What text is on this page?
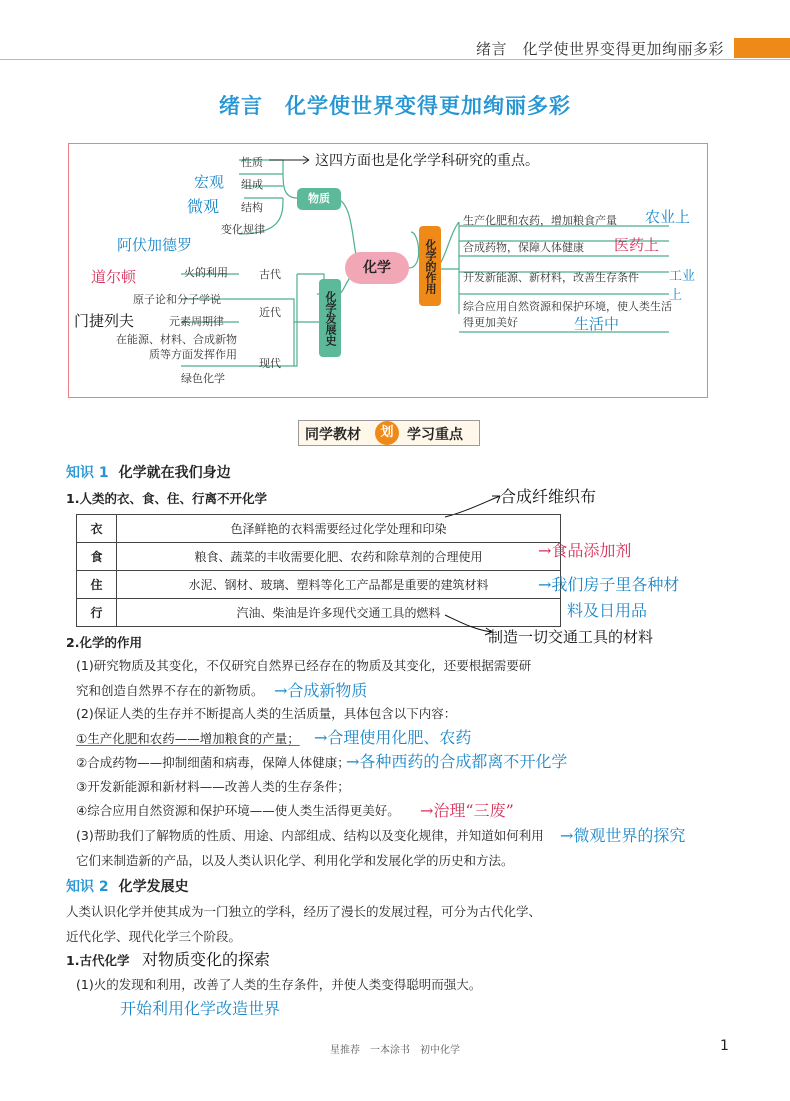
绪言　化学使世界变得更加绚丽多彩
绪言　化学使世界变得更加绚丽多彩
性质	这四方面也是化学学科研究的重点。
组成
宏观
结构
微观
变化规律
物质
化学
阿伏加德罗
火的利用	古代
道尔顿
原子论和分子学说
近代
门捷列夫	元素周期律
在能源、材料、合成新物质等方面发挥作用
现代
绿色化学
化学发展史
化学的作用
生产化肥和农药，增加粮食产量 农业上
合成药物，保障人体健康 医药上
开发新能源、新材料，改善生存条件 工业上
综合应用自然资源和保护环境，使人类生活得更加美好	生活中
同学教材	划 学习重点
知识 1 化学就在我们身边
1.人类的衣、食、住、行离不开化学	合成纤维织布
衣	色泽鲜艳的衣料需要经过化学处理和印染
食	粮食、蔬菜的丰收需要化肥、农药和除草剂的合理使用
住	水泥、钢材、玻璃、塑料等化工产品都是重要的建筑材料
行	汽油、柴油是许多现代交通工具的燃料
→食品添加剂
→我们房子里各种材
料及日用品
制造一切交通工具的材料
2.化学的作用
(1)研究物质及其变化，不仅研究自然界已经存在的物质及其变化，还要根据需要研
究和创造自然界不存在的新物质。 →合成新物质
(2)保证人类的生存并不断提高人类的生活质量，具体包含以下内容：
①生产化肥和农药——增加粮食的产量； →合理使用化肥、农药
②合成药物——抑制细菌和病毒，保障人体健康；
→各种西药的合成都离不开化学
③开发新能源和新材料——改善人类的生存条件；
④综合应用自然资源和保护环境——使人类生活得更美好。 →治理“三废”
(3)帮助我们了解物质的性质、用途、内部组成、结构以及变化规律，并知道如何利用 →微观世界的探究
它们来制造新的产品，以及人类认识化学、利用化学和发展化学的历史和方法。
知识 2 化学发展史
人类认识化学并使其成为一门独立的学科，经历了漫长的发展过程，可分为古代化学、
近代化学、现代化学三个阶段。
1.古代化学 对物质变化的探索
(1)火的发现和利用，改善了人类的生存条件，并使人类变得聪明而强大。
开始利用化学改造世界
星推荐　一本涂书　初中化学	1
